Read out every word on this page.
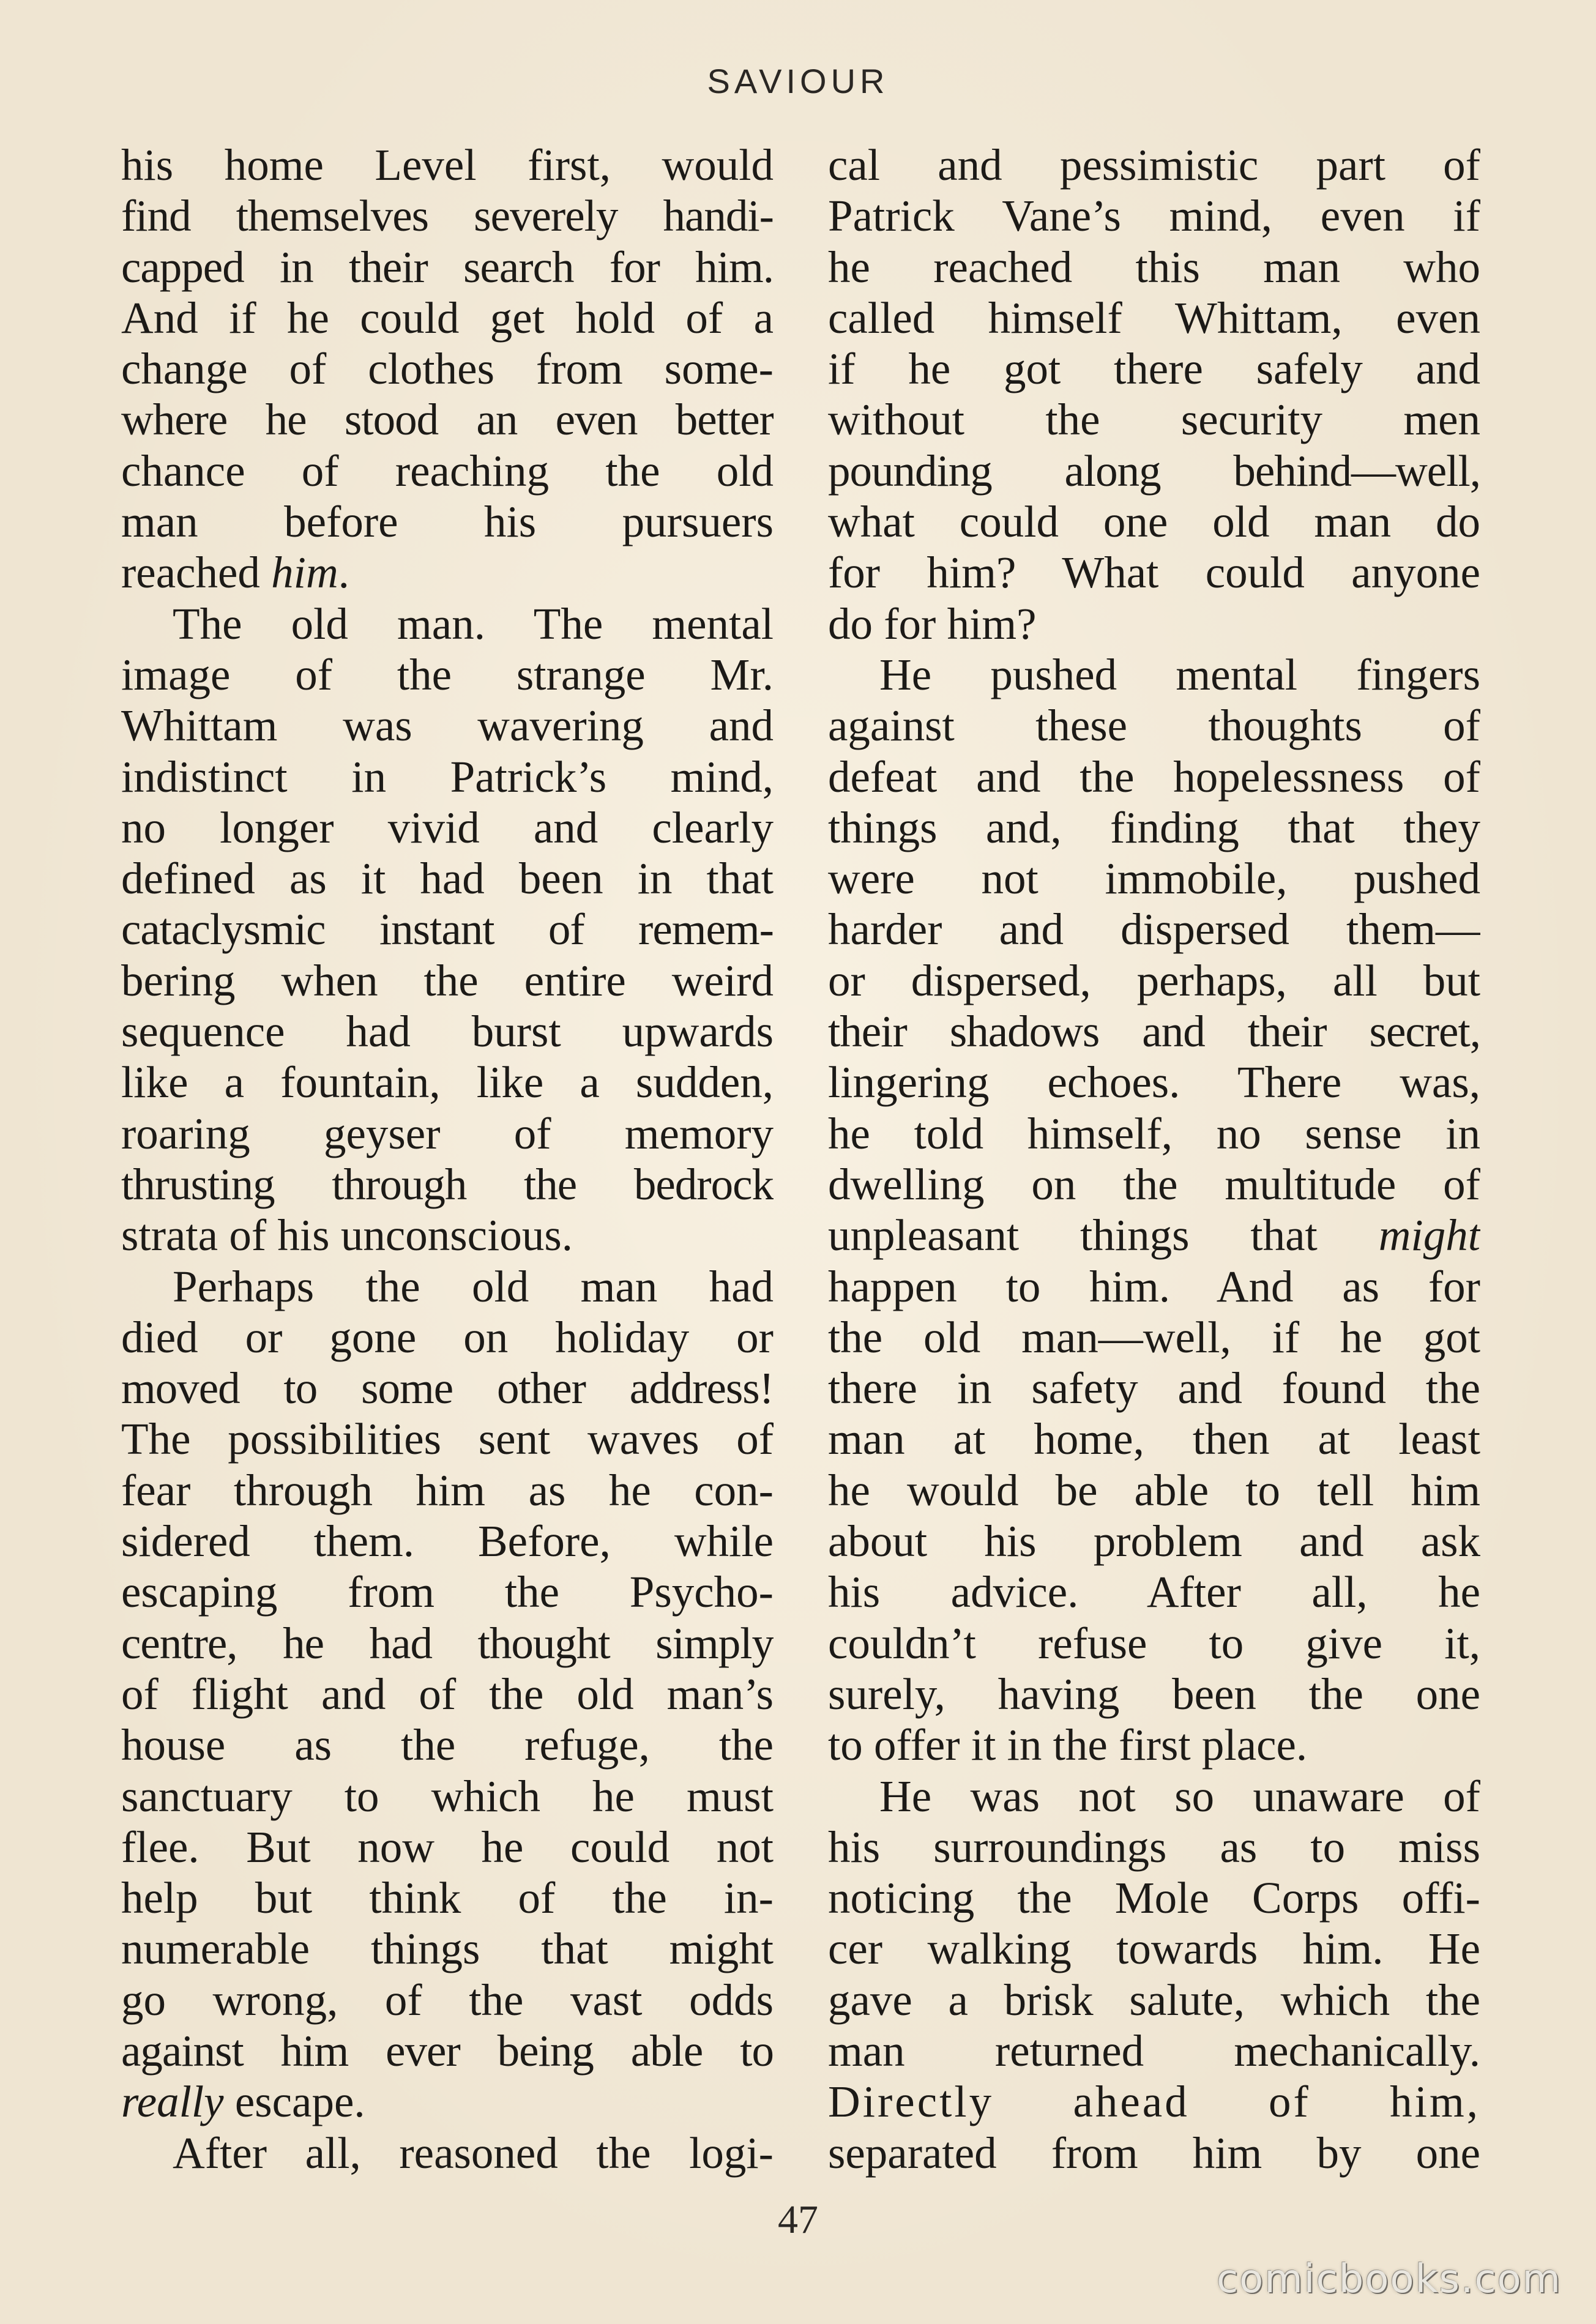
SAVIOUR
his home Level first, would
find themselves severely handi-
capped in their search for him.
And if he could get hold of a
change of clothes from some-
where he stood an even better
chance of reaching the old
man before his pursuers
reached him.
The old man. The mental
image of the strange Mr.
Whittam was wavering and
indistinct in Patrick’s mind,
no longer vivid and clearly
defined as it had been in that
cataclysmic instant of remem-
bering when the entire weird
sequence had burst upwards
like a fountain, like a sudden,
roaring geyser of memory
thrusting through the bedrock
strata of his unconscious.
Perhaps the old man had
died or gone on holiday or
moved to some other address!
The possibilities sent waves of
fear through him as he con-
sidered them. Before, while
escaping from the Psycho-
centre, he had thought simply
of flight and of the old man’s
house as the refuge, the
sanctuary to which he must
flee. But now he could not
help but think of the in-
numerable things that might
go wrong, of the vast odds
against him ever being able to
really escape.
After all, reasoned the logi-
cal and pessimistic part of
Patrick Vane’s mind, even if
he reached this man who
called himself Whittam, even
if he got there safely and
without the security men
pounding along behind—well,
what could one old man do
for him? What could anyone
do for him?
He pushed mental fingers
against these thoughts of
defeat and the hopelessness of
things and, finding that they
were not immobile, pushed
harder and dispersed them—
or dispersed, perhaps, all but
their shadows and their secret,
lingering echoes. There was,
he told himself, no sense in
dwelling on the multitude of
unpleasant things that might
happen to him. And as for
the old man—well, if he got
there in safety and found the
man at home, then at least
he would be able to tell him
about his problem and ask
his advice. After all, he
couldn’t refuse to give it,
surely, having been the one
to offer it in the first place.
He was not so unaware of
his surroundings as to miss
noticing the Mole Corps offi-
cer walking towards him. He
gave a brisk salute, which the
man returned mechanically.
Directly ahead of him,
separated from him by one
47
comicbooks.com
